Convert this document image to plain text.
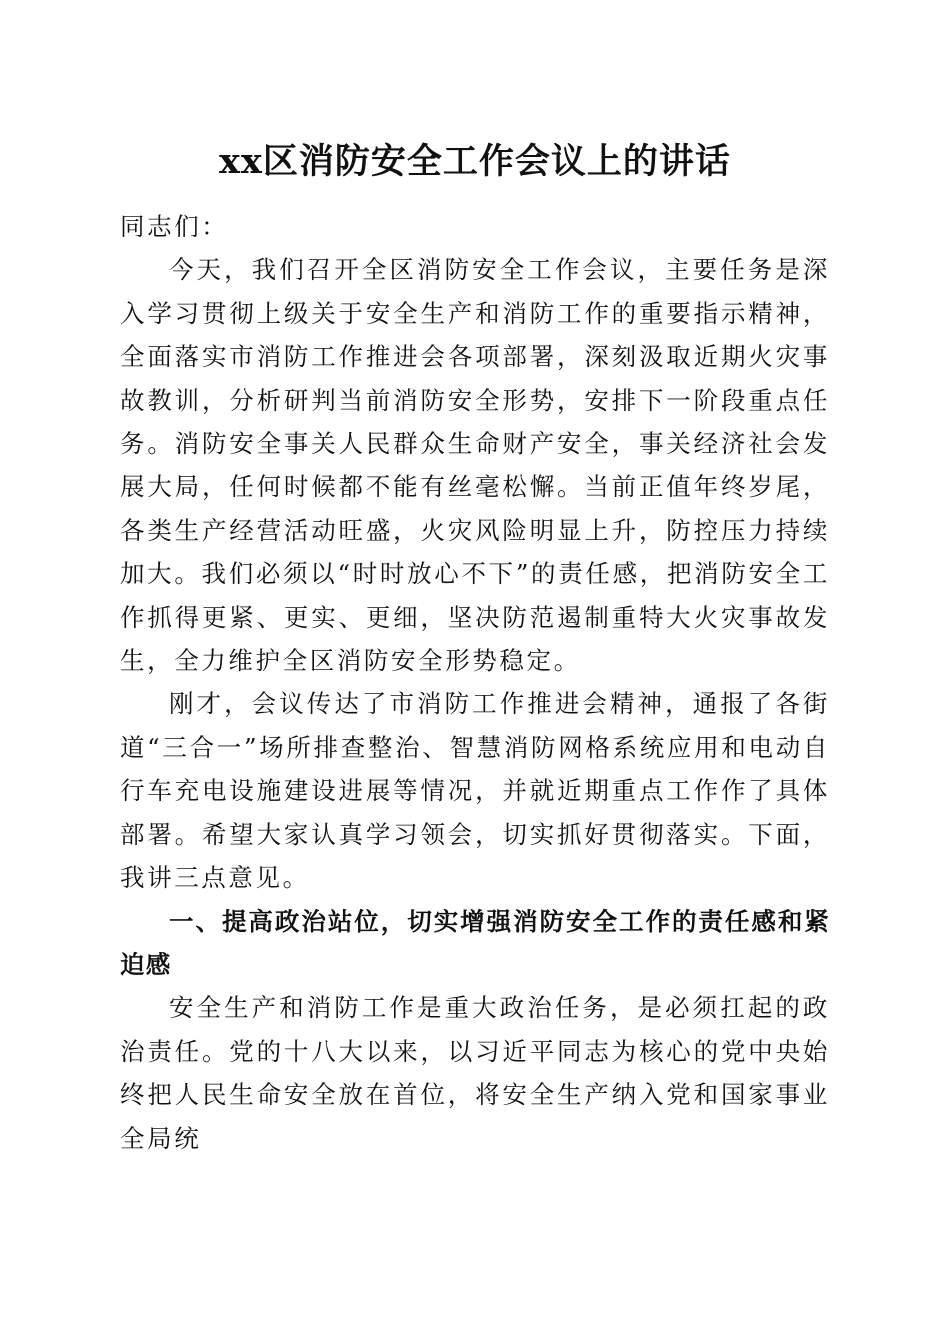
xx区消防安全工作会议上的讲话

同志们：

今天，我们召开全区消防安全工作会议，主要任务是深入学习贯彻上级关于安全生产和消防工作的重要指示精神，全面落实市消防工作推进会各项部署，深刻汲取近期火灾事故教训，分析研判当前消防安全形势，安排下一阶段重点任务。消防安全事关人民群众生命财产安全，事关经济社会发展大局，任何时候都不能有丝毫松懈。当前正值年终岁尾，各类生产经营活动旺盛，火灾风险明显上升，防控压力持续加大。我们必须以“时时放心不下”的责任感，把消防安全工作抓得更紧、更实、更细，坚决防范遏制重特大火灾事故发生，全力维护全区消防安全形势稳定。

刚才，会议传达了市消防工作推进会精神，通报了各街道“三合一”场所排查整治、智慧消防网格系统应用和电动自行车充电设施建设进展等情况，并就近期重点工作作了具体部署。希望大家认真学习领会，切实抓好贯彻落实。下面，我讲三点意见。

一、提高政治站位，切实增强消防安全工作的责任感和紧迫感

安全生产和消防工作是重大政治任务，是必须扛起的政治责任。党的十八大以来，以习近平同志为核心的党中央始终把人民生命安全放在首位，将安全生产纳入党和国家事业全局统
